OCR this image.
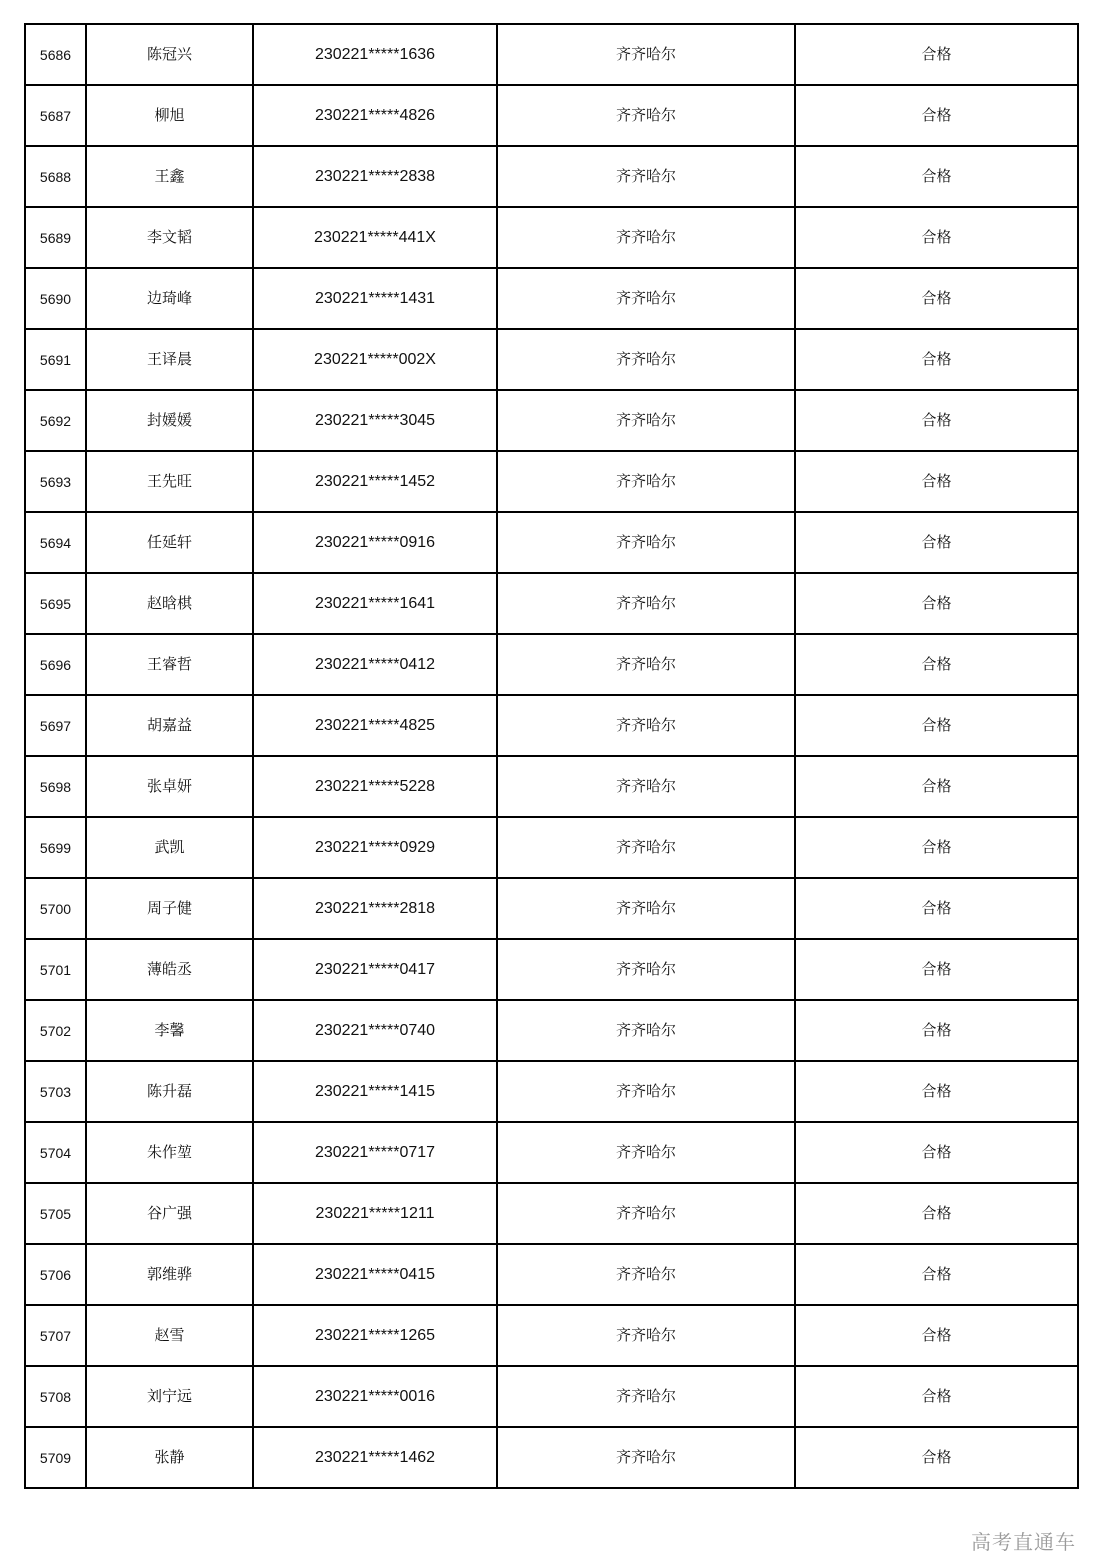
5686	陈冠兴	230221*****1636	齐齐哈尔	合格
5687	柳旭	230221*****4826	齐齐哈尔	合格
5688	王鑫	230221*****2838	齐齐哈尔	合格
5689	李文韬	230221*****441X	齐齐哈尔	合格
5690	边琦峰	230221*****1431	齐齐哈尔	合格
5691	王译晨	230221*****002X	齐齐哈尔	合格
5692	封媛媛	230221*****3045	齐齐哈尔	合格
5693	王先旺	230221*****1452	齐齐哈尔	合格
5694	任延轩	230221*****0916	齐齐哈尔	合格
5695	赵晗棋	230221*****1641	齐齐哈尔	合格
5696	王睿哲	230221*****0412	齐齐哈尔	合格
5697	胡嘉益	230221*****4825	齐齐哈尔	合格
5698	张卓妍	230221*****5228	齐齐哈尔	合格
5699	武凯	230221*****0929	齐齐哈尔	合格
5700	周子健	230221*****2818	齐齐哈尔	合格
5701	薄皓丞	230221*****0417	齐齐哈尔	合格
5702	李馨	230221*****0740	齐齐哈尔	合格
5703	陈升磊	230221*****1415	齐齐哈尔	合格
5704	朱作堃	230221*****0717	齐齐哈尔	合格
5705	谷广强	230221*****1211	齐齐哈尔	合格
5706	郭维骅	230221*****0415	齐齐哈尔	合格
5707	赵雪	230221*****1265	齐齐哈尔	合格
5708	刘宁远	230221*****0016	齐齐哈尔	合格
5709	张静	230221*****1462	齐齐哈尔	合格
高考直通车
